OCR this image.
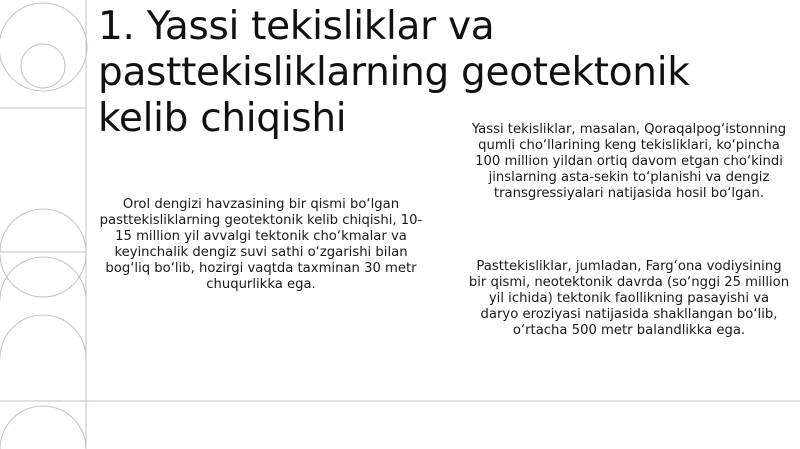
1. Yassi tekisliklar va pasttekisliklarning geotektonik kelib chiqishi

Orol dengizi havzasining bir qismi bo‘lgan pasttekisliklarning geotektonik kelib chiqishi, 10-15 million yil avvalgi tektonik cho‘kmalar va keyinchalik dengiz suvi sathi o‘zgarishi bilan bog‘liq bo‘lib, hozirgi vaqtda taxminan 30 metr chuqurlikka ega.

Yassi tekisliklar, masalan, Qoraqalpog‘istonning qumli cho‘llarining keng tekisliklari, ko‘pincha 100 million yildan ortiq davom etgan cho‘kindi jinslarning asta-sekin to‘planishi va dengiz transgressiyalari natijasida hosil bo‘lgan.

Pasttekisliklar, jumladan, Farg‘ona vodiysining bir qismi, neotektonik davrda (so‘nggi 25 million yil ichida) tektonik faollikning pasayishi va daryo eroziyasi natijasida shakllangan bo‘lib, o‘rtacha 500 metr balandlikka ega.
